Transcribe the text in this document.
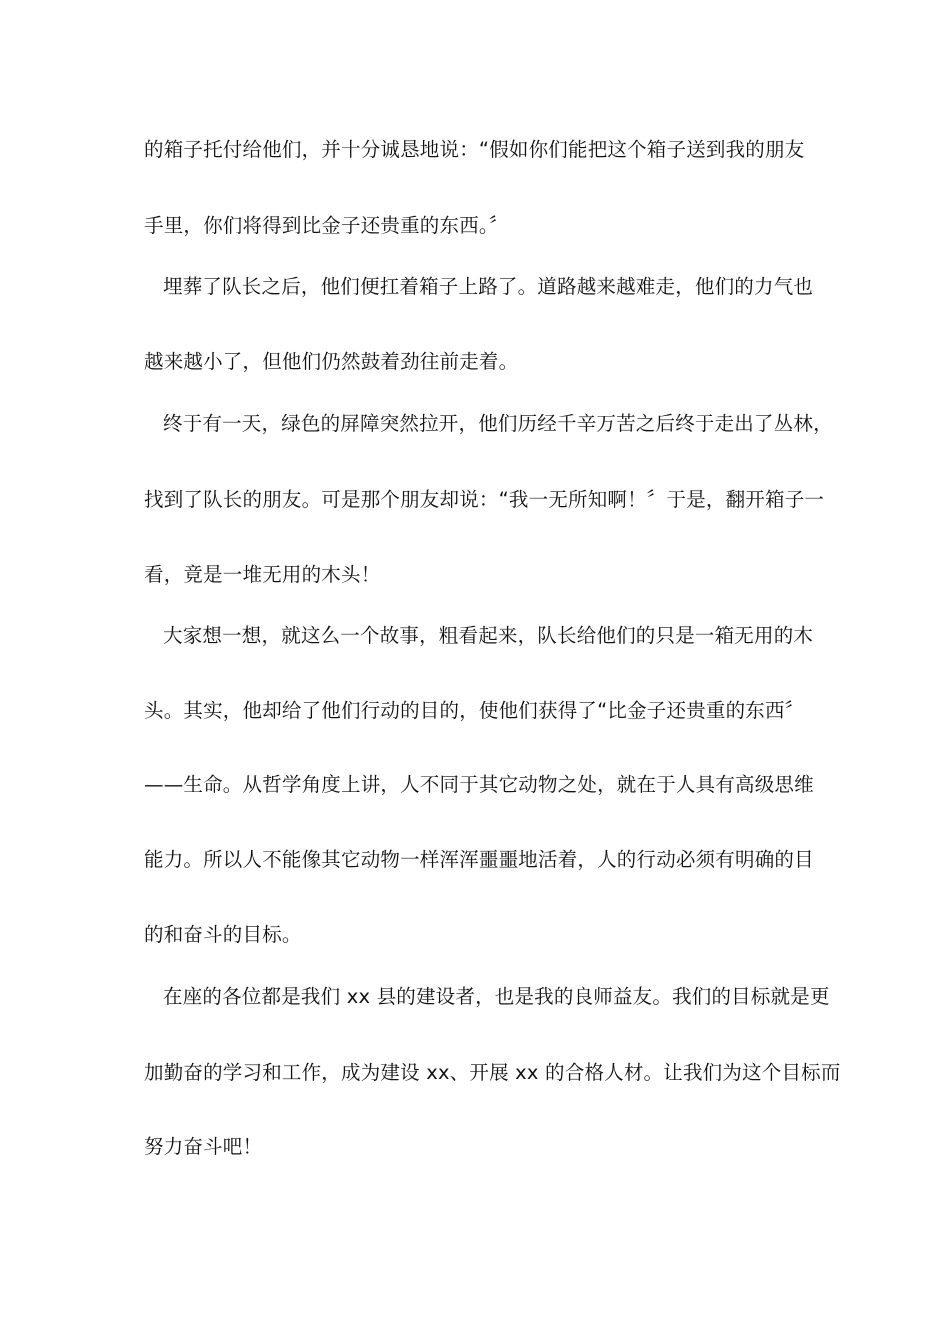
的箱子托付给他们，并十分诚恳地说：“假如你们能把这个箱子送到我的朋友
手里，你们将得到比金子还贵重的东西。〞
埋葬了队长之后，他们便扛着箱子上路了。道路越来越难走，他们的力气也
越来越小了，但他们仍然鼓着劲往前走着。
终于有一天，绿色的屏障突然拉开，他们历经千辛万苦之后终于走出了丛林，
找到了队长的朋友。可是那个朋友却说：“我一无所知啊！〞于是，翻开箱子一
看，竟是一堆无用的木头！
大家想一想，就这么一个故事，粗看起来，队长给他们的只是一箱无用的木
头。其实，他却给了他们行动的目的，使他们获得了“比金子还贵重的东西〞
——生命。从哲学角度上讲，人不同于其它动物之处，就在于人具有高级思维
能力。所以人不能像其它动物一样浑浑噩噩地活着，人的行动必须有明确的目
的和奋斗的目标。
在座的各位都是我们 xx 县的建设者，也是我的良师益友。我们的目标就是更
加勤奋的学习和工作，成为建设 xx、开展 xx 的合格人材。让我们为这个目标而
努力奋斗吧！
